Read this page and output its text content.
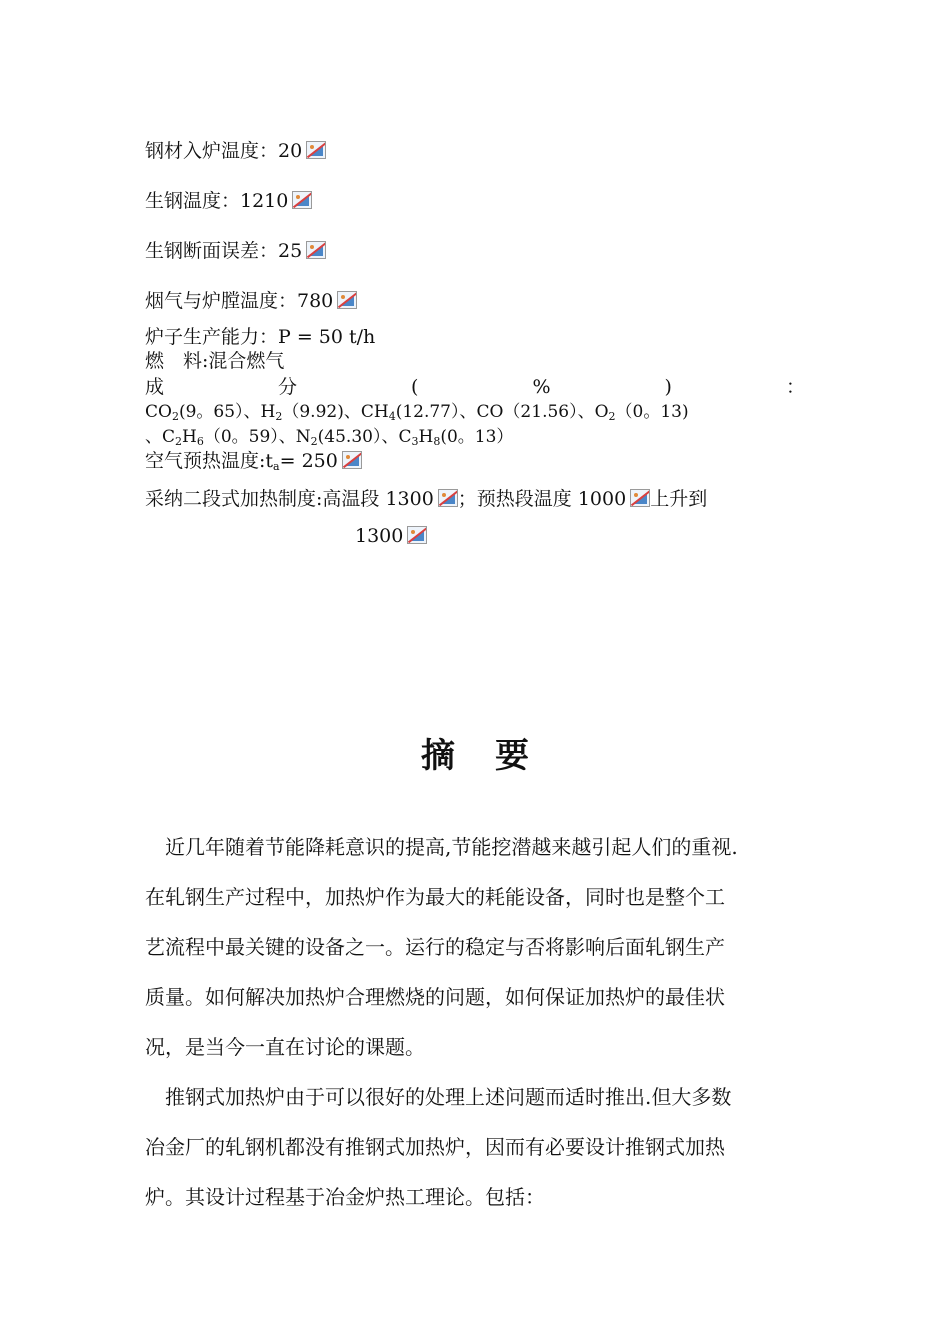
钢材入炉温度：20
生钢温度：1210
生钢断面误差：25
烟气与炉膛温度：780
炉子生产能力：P = 50 t/h
燃　料:混合燃气
成	分	(	%	)	：
$CO_2(9$。65）、$H_2(9.92)$、$CH_4(12.77)$、CO（21.56）、$O_2(0$。13)
、$C_2H_6(0$。59）、$N_2(45.30)$、$C_3H_8(0$。13）
空气预热温度$:t_a= 250$
采纳二段式加热制度:高温段 1300 ；预热段温度 1000 上升到
1300
摘要
　近几年随着节能降耗意识的提高,节能挖潜越来越引起人们的重视.
在轧钢生产过程中，加热炉作为最大的耗能设备，同时也是整个工
艺流程中最关键的设备之一。运行的稳定与否将影响后面轧钢生产
质量。如何解决加热炉合理燃烧的问题，如何保证加热炉的最佳状
况，是当今一直在讨论的课题。
　推钢式加热炉由于可以很好的处理上述问题而适时推出.但大多数
冶金厂的轧钢机都没有推钢式加热炉，因而有必要设计推钢式加热
炉。其设计过程基于冶金炉热工理论。包括：
